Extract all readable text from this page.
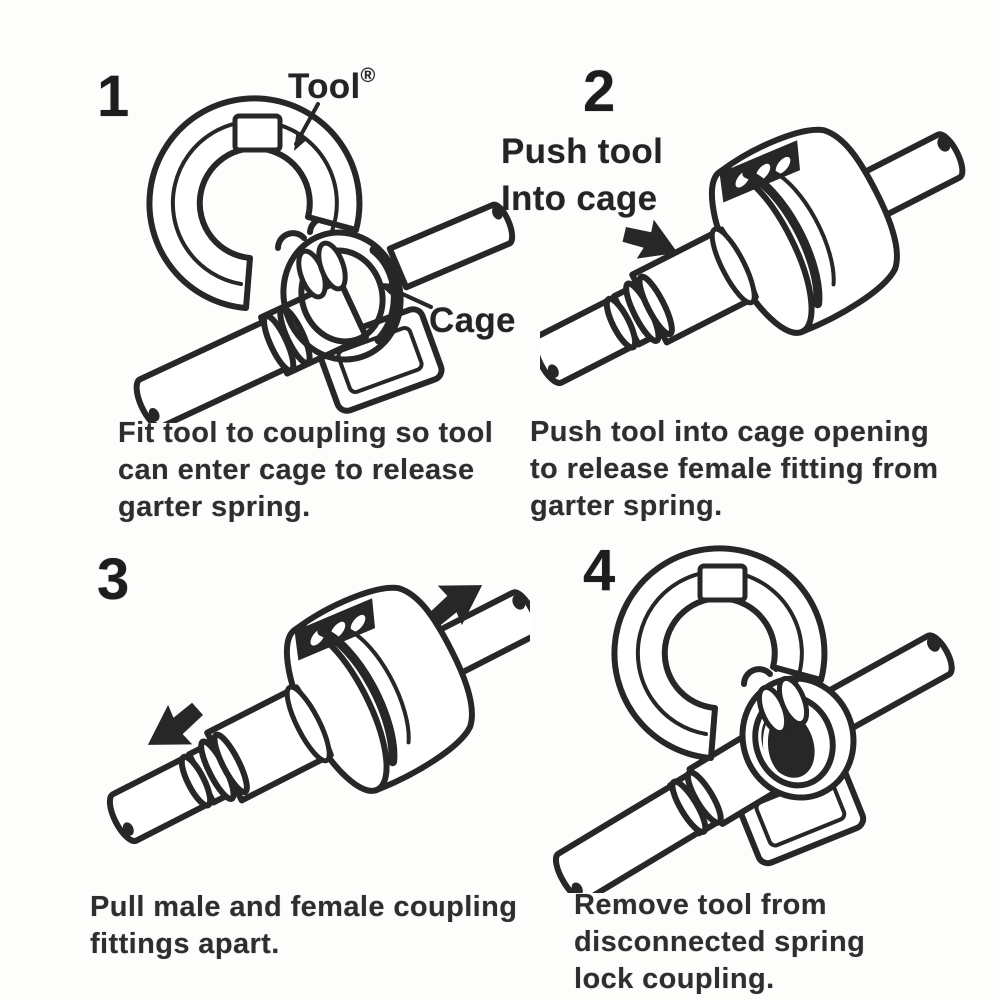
1	Tool®
Cage
Fit tool to coupling so tool
can enter cage to release
garter spring.
2
Push tool
Into cage
Push tool into cage opening
to release female fitting from
garter spring.
3
Pull male and female coupling
fittings apart.
4
Remove tool from
disconnected spring
lock coupling.
